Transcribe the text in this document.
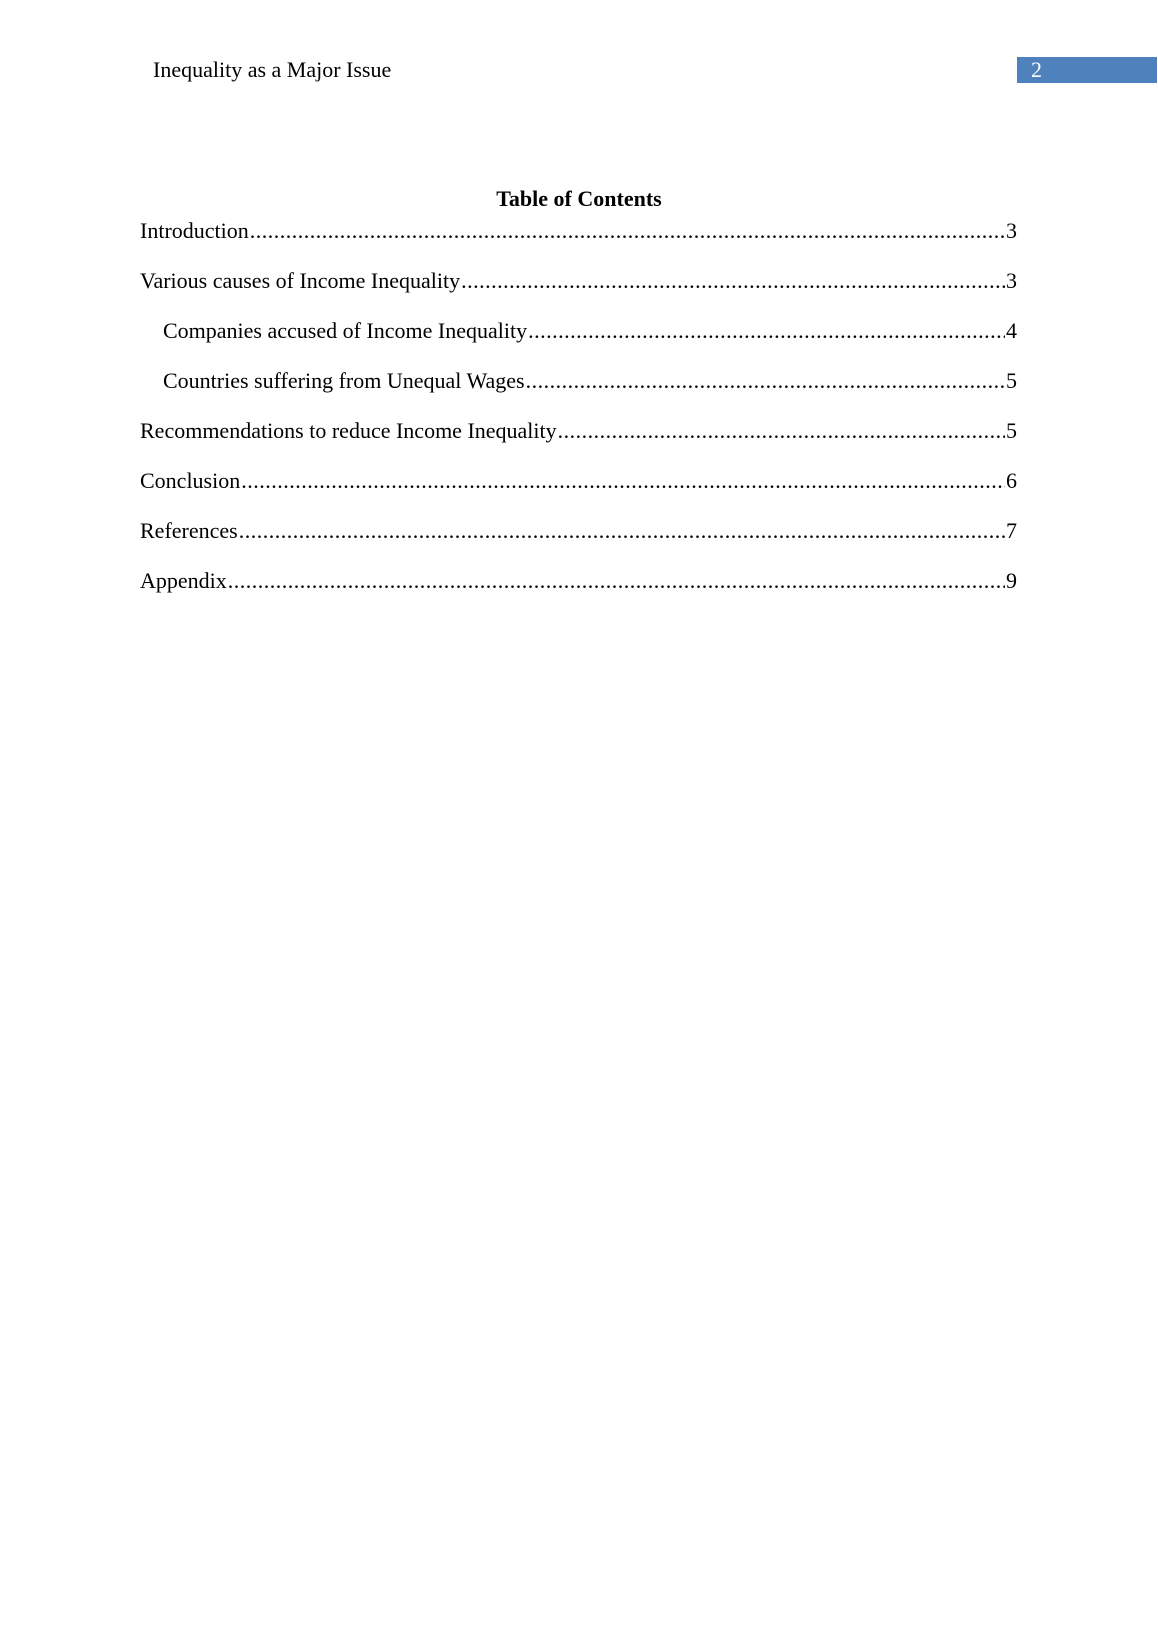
Inequality as a Major Issue	2
Table of Contents
Introduction .....	3
Various causes of Income Inequality .....	3
Companies accused of Income Inequality .....	4
Countries suffering from Unequal Wages .....	5
Recommendations to reduce Income Inequality .....	5
Conclusion .....	6
References .....	7
Appendix .....	9
